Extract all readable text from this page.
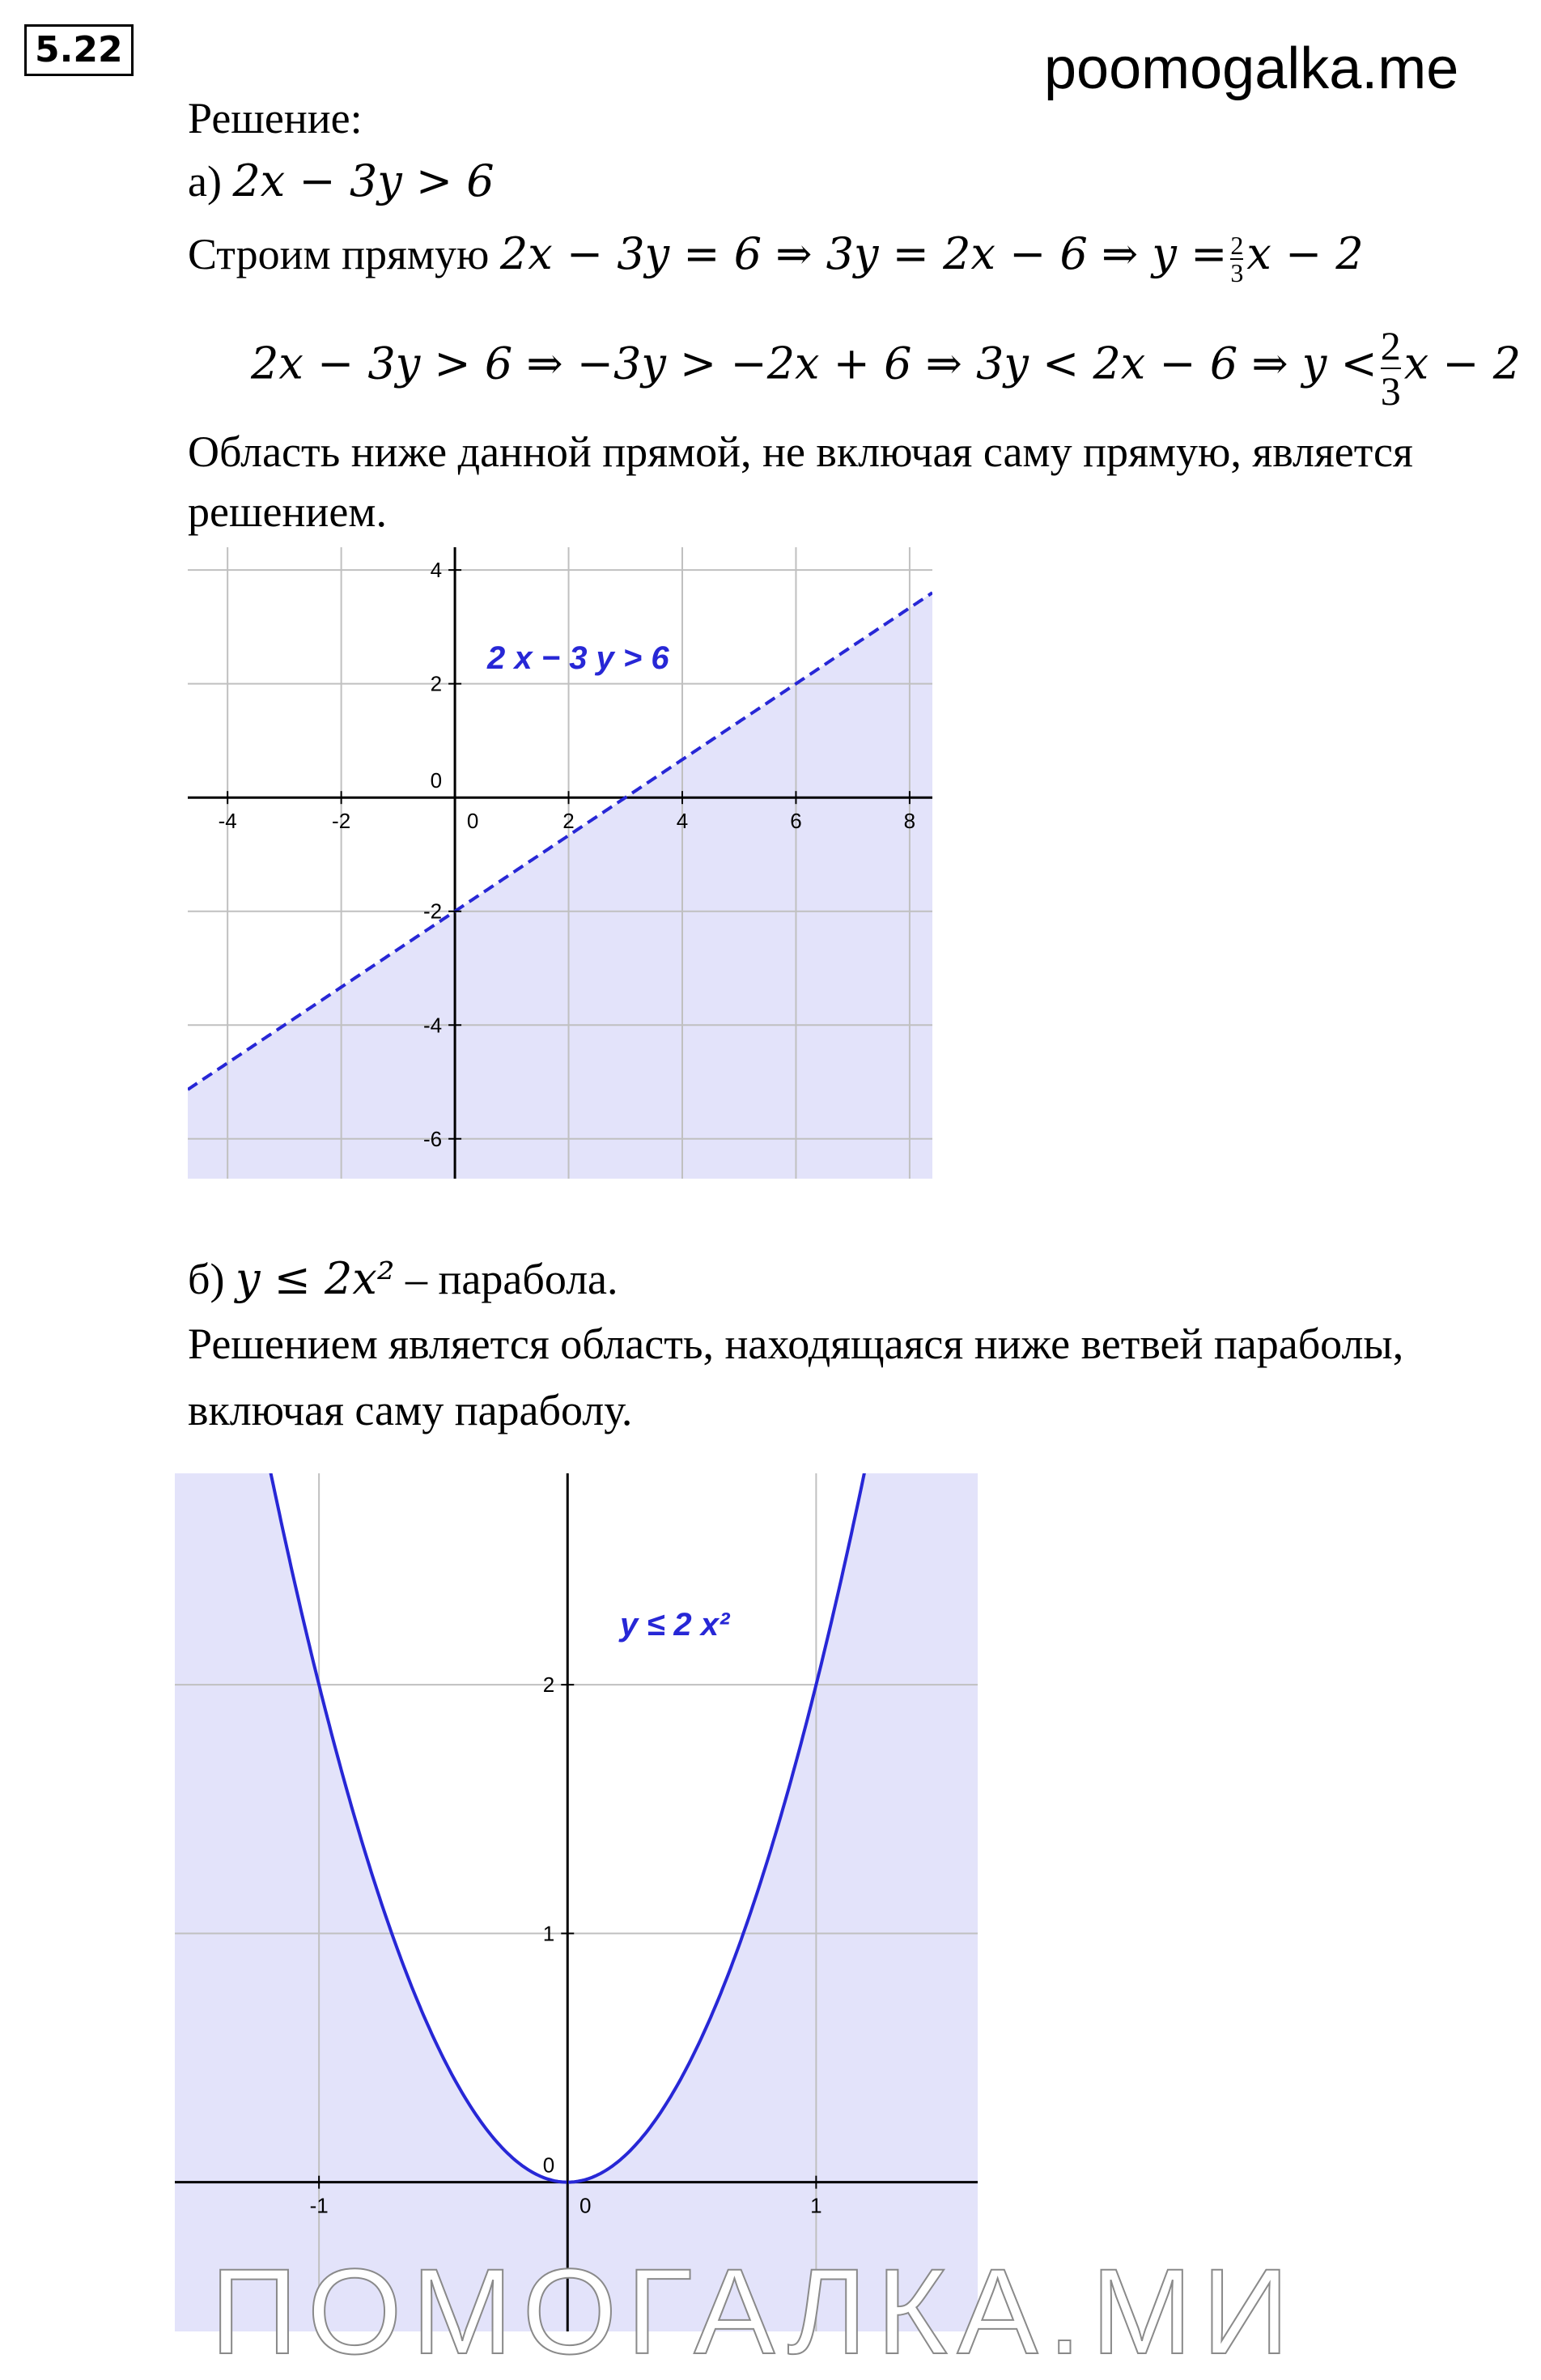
5.22	poomogalka.me
Решение:
а) 2x − 3y > 6
Строим прямую 2x − 3y = 6 ⇒ 3y = 2x − 6 ⇒ $y = \frac{2}{3}$ x − 2
2x − 3y > 6 ⇒ −3y > −2x + 6 ⇒ 3y < 2x − 6 ⇒ $y < \frac{2}{3}$ x − 2
Область ниже данной прямой, не включая саму прямую, является
решением.
-4	-2	0	2	4	6	8
-6
-4
-2
2
4
0
2 x − 3 y > 6
б) y ≤ 2x² – парабола.
Решением является область, находящаяся ниже ветвей параболы,
включая саму параболу.
-1	0	1
1
2
0
y ≤ 2 x²
ПОМОГАЛКА.МИ
